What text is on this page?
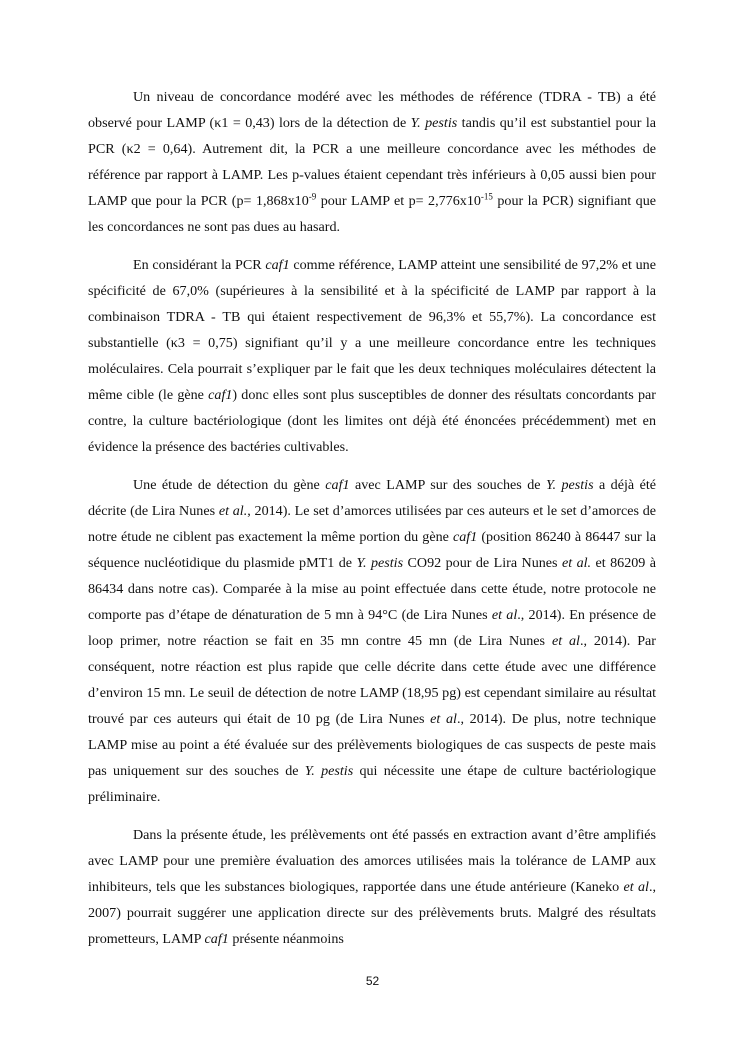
Un niveau de concordance modéré avec les méthodes de référence (TDRA - TB) a été observé pour LAMP (κ1 = 0,43) lors de la détection de Y. pestis tandis qu’il est substantiel pour la PCR (κ2 = 0,64). Autrement dit, la PCR a une meilleure concordance avec les méthodes de référence par rapport à LAMP. Les p-values étaient cependant très inférieurs à 0,05 aussi bien pour LAMP que pour la PCR ($p= 1,868x10^{-9}$ pour LAMP et $p= 2,776x10^{-15}$ pour la PCR) signifiant que les concordances ne sont pas dues au hasard.

En considérant la PCR caf1 comme référence, LAMP atteint une sensibilité de 97,2% et une spécificité de 67,0% (supérieures à la sensibilité et à la spécificité de LAMP par rapport à la combinaison TDRA - TB qui étaient respectivement de 96,3% et 55,7%). La concordance est substantielle (κ3 = 0,75) signifiant qu’il y a une meilleure concordance entre les techniques moléculaires. Cela pourrait s’expliquer par le fait que les deux techniques moléculaires détectent la même cible (le gène caf1) donc elles sont plus susceptibles de donner des résultats concordants par contre, la culture bactériologique (dont les limites ont déjà été énoncées précédemment) met en évidence la présence des bactéries cultivables.

Une étude de détection du gène caf1 avec LAMP sur des souches de Y. pestis a déjà été décrite (de Lira Nunes et al., 2014). Le set d’amorces utilisées par ces auteurs et le set d’amorces de notre étude ne ciblent pas exactement la même portion du gène caf1 (position 86240 à 86447 sur la séquence nucléotidique du plasmide pMT1 de Y. pestis CO92 pour de Lira Nunes et al. et 86209 à 86434 dans notre cas). Comparée à la mise au point effectuée dans cette étude, notre protocole ne comporte pas d’étape de dénaturation de 5 mn à 94°C (de Lira Nunes et al., 2014). En présence de loop primer, notre réaction se fait en 35 mn contre 45 mn (de Lira Nunes et al., 2014). Par conséquent, notre réaction est plus rapide que celle décrite dans cette étude avec une différence d’environ 15 mn. Le seuil de détection de notre LAMP (18,95 pg) est cependant similaire au résultat trouvé par ces auteurs qui était de 10 pg (de Lira Nunes et al., 2014). De plus, notre technique LAMP mise au point a été évaluée sur des prélèvements biologiques de cas suspects de peste mais pas uniquement sur des souches de Y. pestis qui nécessite une étape de culture bactériologique préliminaire.

Dans la présente étude, les prélèvements ont été passés en extraction avant d’être amplifiés avec LAMP pour une première évaluation des amorces utilisées mais la tolérance de LAMP aux inhibiteurs, tels que les substances biologiques, rapportée dans une étude antérieure (Kaneko et al., 2007) pourrait suggérer une application directe sur des prélèvements bruts. Malgré des résultats prometteurs, LAMP caf1 présente néanmoins

52
